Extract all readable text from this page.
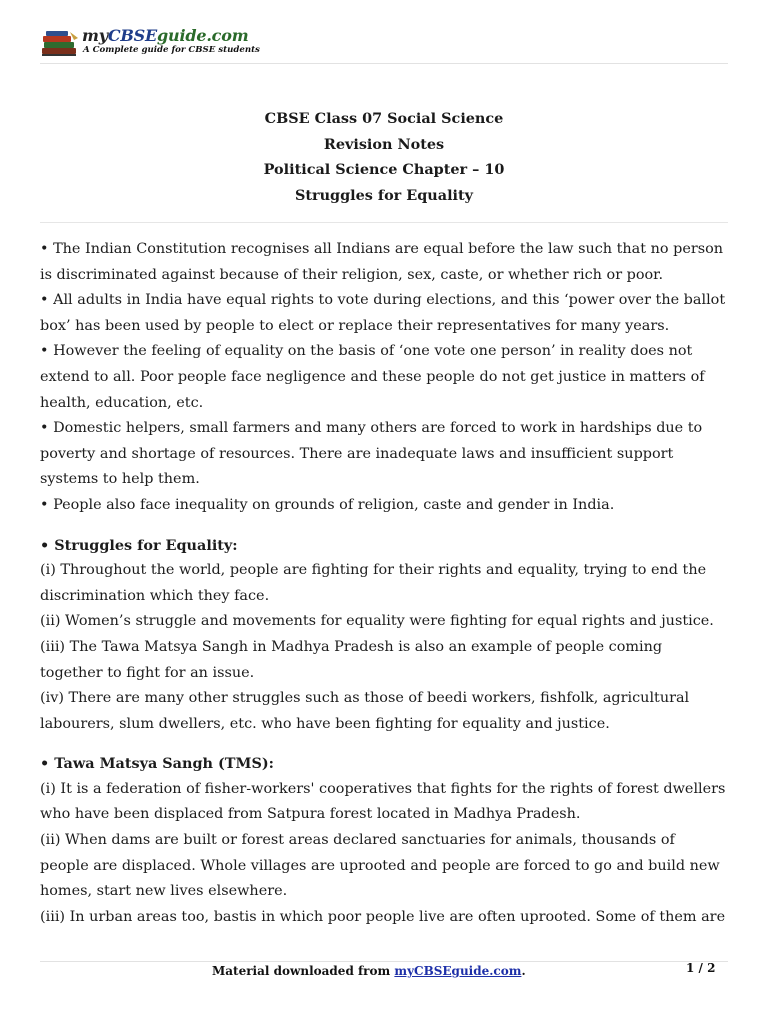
myCBSEguide.com
A Complete guide for CBSE students
CBSE Class 07 Social Science
Revision Notes
Political Science Chapter – 10
Struggles for Equality
• The Indian Constitution recognises all Indians are equal before the law such that no person
is discriminated against because of their religion, sex, caste, or whether rich or poor.
• All adults in India have equal rights to vote during elections, and this ‘power over the ballot
box’ has been used by people to elect or replace their representatives for many years.
• However the feeling of equality on the basis of ‘one vote one person’ in reality does not
extend to all. Poor people face negligence and these people do not get justice in matters of
health, education, etc.
• Domestic helpers, small farmers and many others are forced to work in hardships due to
poverty and shortage of resources. There are inadequate laws and insufficient support
systems to help them.
• People also face inequality on grounds of religion, caste and gender in India.
• Struggles for Equality:
(i) Throughout the world, people are fighting for their rights and equality, trying to end the
discrimination which they face.
(ii) Women’s struggle and movements for equality were fighting for equal rights and justice.
(iii) The Tawa Matsya Sangh in Madhya Pradesh is also an example of people coming
together to fight for an issue.
(iv) There are many other struggles such as those of beedi workers, fishfolk, agricultural
labourers, slum dwellers, etc. who have been fighting for equality and justice.
• Tawa Matsya Sangh (TMS):
(i) It is a federation of fisher-workers' cooperatives that fights for the rights of forest dwellers
who have been displaced from Satpura forest located in Madhya Pradesh.
(ii) When dams are built or forest areas declared sanctuaries for animals, thousands of
people are displaced. Whole villages are uprooted and people are forced to go and build new
homes, start new lives elsewhere.
(iii) In urban areas too, bastis in which poor people live are often uprooted. Some of them are
Material downloaded from myCBSEguide.com.	1 / 2
